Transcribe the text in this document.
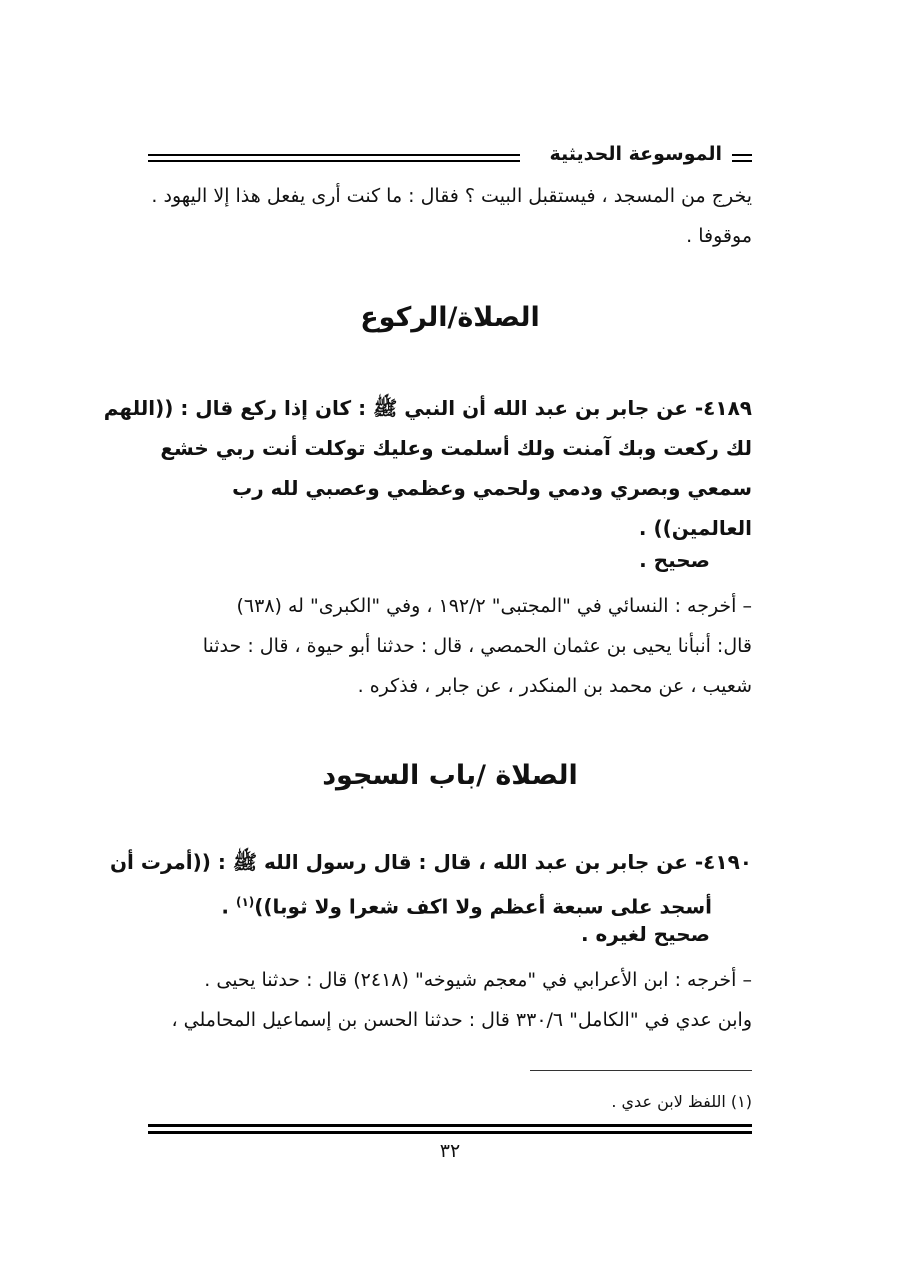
الموسوعة الحديثية
يخرج من المسجد ، فيستقبل البيت ؟ فقال : ما كنت أرى يفعل هذا إلا اليهود .
موقوفا .
الصلاة/الركوع
٤١٨٩- عن جابر بن عبد الله أن النبي ﷺ : كان إذا ركع قال : ((اللهم
لك ركعت وبك آمنت ولك أسلمت وعليك توكلت أنت ربي خشع
سمعي وبصري ودمي ولحمي وعظمي وعصبي لله رب
العالمين)) .
صحيح .
– أخرجه : النسائي في "المجتبى" ١٩٢/٢ ، وفي "الكبرى" له (٦٣٨)
قال: أنبأنا يحيى بن عثمان الحمصي ، قال : حدثنا أبو حيوة ، قال : حدثنا
شعيب ، عن محمد بن المنكدر ، عن جابر ، فذكره .
الصلاة /باب السجود
٤١٩٠- عن جابر بن عبد الله ، قال : قال رسول الله ﷺ : ((أمرت أن
أسجد على سبعة أعظم ولا اكف شعرا ولا ثوبا))$^{(١)}$ .
صحيح لغيره .
– أخرجه : ابن الأعرابي في "معجم شيوخه" (٢٤١٨) قال : حدثنا يحيى .
وابن عدي في "الكامل" ٣٣٠/٦ قال : حدثنا الحسن بن إسماعيل المحاملي ،
(١) اللفظ لابن عدي .
٣٢
